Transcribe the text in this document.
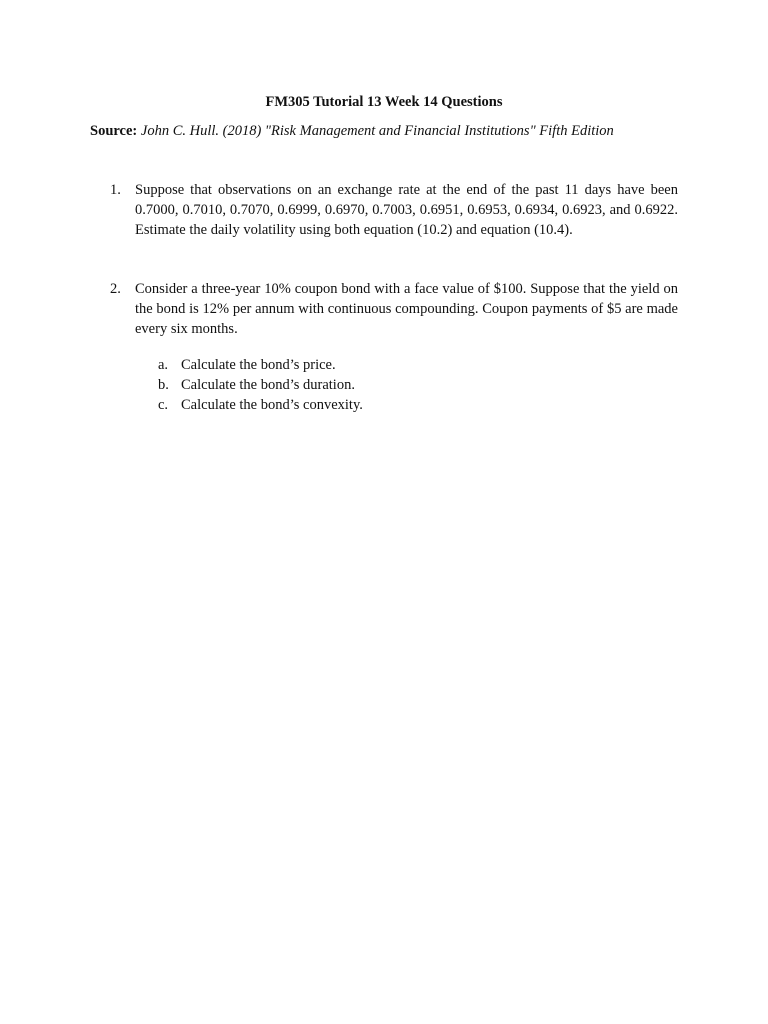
FM305 Tutorial 13 Week 14 Questions
Source: John C. Hull. (2018) "Risk Management and Financial Institutions" Fifth Edition
1. Suppose that observations on an exchange rate at the end of the past 11 days have been 0.7000, 0.7010, 0.7070, 0.6999, 0.6970, 0.7003, 0.6951, 0.6953, 0.6934, 0.6923, and 0.6922. Estimate the daily volatility using both equation (10.2) and equation (10.4).
2. Consider a three-year 10% coupon bond with a face value of $100. Suppose that the yield on the bond is 12% per annum with continuous compounding. Coupon payments of $5 are made every six months.
a. Calculate the bond’s price.
b. Calculate the bond’s duration.
c. Calculate the bond’s convexity.
